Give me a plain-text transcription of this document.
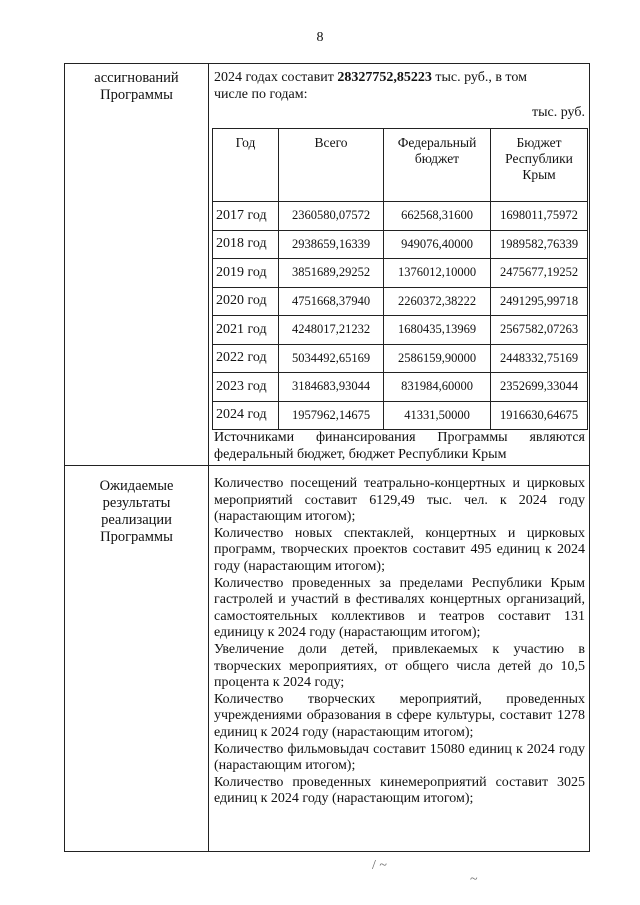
8
ассигнований
Программы
2024 годах составит 28327752,85223 тыс. руб., в том
числе по годам:
тыс. руб.
Год	Всего	Федеральный бюджет	Бюджет Республики Крым
2017 год	2360580,07572	662568,31600	1698011,75972
2018 год	2938659,16339	949076,40000	1989582,76339
2019 год	3851689,29252	1376012,10000	2475677,19252
2020 год	4751668,37940	2260372,38222	2491295,99718
2021 год	4248017,21232	1680435,13969	2567582,07263
2022 год	5034492,65169	2586159,90000	2448332,75169
2023 год	3184683,93044	831984,60000	2352699,33044
2024 год	1957962,14675	41331,50000	1916630,64675
Источниками финансирования Программы являются федеральный бюджет, бюджет Республики Крым
Ожидаемые
результаты
реализации
Программы
Количество посещений театрально-концертных и цирковых мероприятий составит 6129,49 тыс. чел. к 2024 году (нарастающим итогом);
Количество новых спектаклей, концертных и цирковых программ, творческих проектов составит 495 единиц к 2024 году (нарастающим итогом);
Количество проведенных за пределами Республики Крым гастролей и участий в фестивалях концертных организаций, самостоятельных коллективов и театров составит 131 единицу к 2024 году (нарастающим итогом);
Увеличение доли детей, привлекаемых к участию в творческих мероприятиях, от общего числа детей до 10,5 процента к 2024 году;
Количество творческих мероприятий, проведенных учреждениями образования в сфере культуры, составит 1278 единиц к 2024 году (нарастающим итогом);
Количество фильмовыдач составит 15080 единиц к 2024 году (нарастающим итогом);
Количество проведенных кинемероприятий составит 3025 единиц к 2024 году (нарастающим итогом);
/ ~
~
